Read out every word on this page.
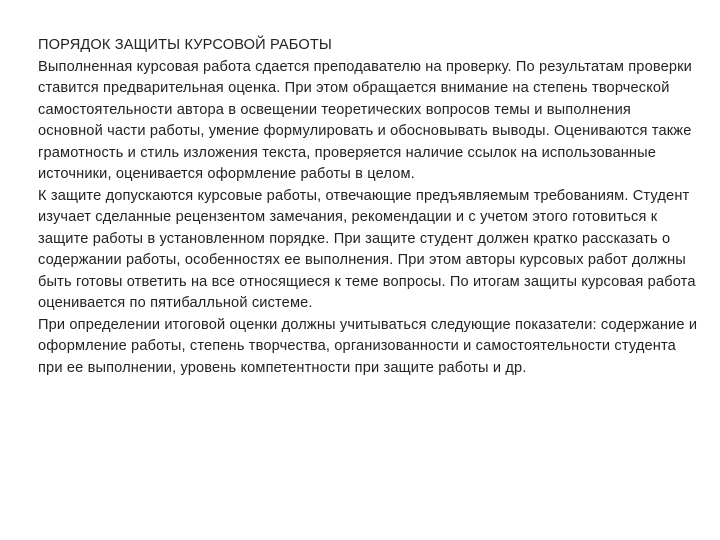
ПОРЯДОК ЗАЩИТЫ КУРСОВОЙ РАБОТЫ

Выполненная курсовая работа сдается преподавателю на проверку. По результатам проверки ставится предварительная оценка. При этом обращается внимание на степень творческой самостоятельности автора в освещении теоретических вопросов темы и выполнения основной части работы, умение формулировать и обосновывать выводы. Оцениваются также грамотность и стиль изложения текста, проверяется наличие ссылок на использованные источники, оценивается оформление работы в целом.

К защите допускаются курсовые работы, отвечающие предъявляемым требованиям. Студент изучает сделанные рецензентом замечания, рекомендации и с учетом этого готовиться к защите работы в установленном порядке. При защите студент должен кратко рассказать о содержании работы, особенностях ее выполнения. При этом авторы курсовых работ должны быть готовы ответить на все относящиеся к теме вопросы. По итогам защиты курсовая работа оценивается по пятибалльной системе.

При определении итоговой оценки должны учитываться следующие показатели: содержание и оформление работы, степень творчества, организованности и самостоятельности студента при ее выполнении, уровень компетентности при защите работы и др.
